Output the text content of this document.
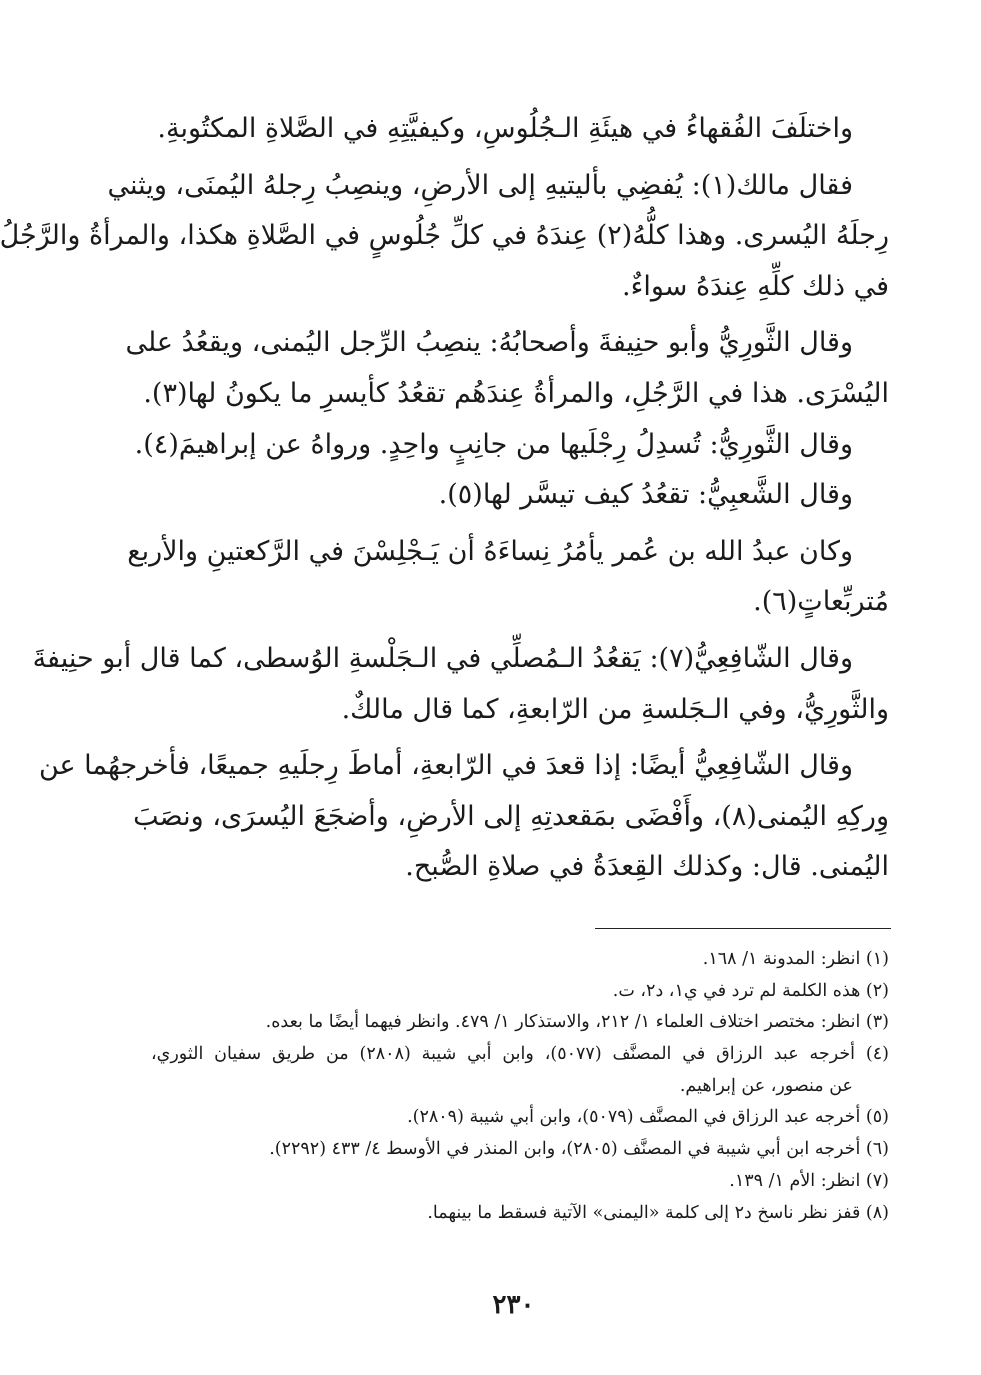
واختلَفَ الفُقهاءُ في هيئَةِ الـجُلُوسِ، وكيفيَّتِهِ في الصَّلاةِ المكتُوبةِ.
فقال مالك(١): يُفضِي بأليتيهِ إلى الأرضِ، وينصِبُ رِجلهُ اليُمنَى، ويثني
رِجلَهُ اليُسرى. وهذا كلُّهُ(٢) عِندَهُ في كلِّ جُلُوسٍ في الصَّلاةِ هكذا، والمرأةُ والرَّجُلُ
في ذلك كلِّهِ عِندَهُ سواءٌ.
وقال الثَّورِيُّ وأبو حنِيفةَ وأصحابُهُ: ينصِبُ الرِّجل اليُمنى، ويقعُدُ على
اليُسْرَى. هذا في الرَّجُلِ، والمرأةُ عِندَهُم تقعُدُ كأيسرِ ما يكونُ لها(٣).
وقال الثَّورِيُّ: تُسدِلُ رِجْلَيها من جانِبٍ واحِدٍ. ورواهُ عن إبراهيمَ(٤).
وقال الشَّعبِيُّ: تقعُدُ كيف تيسَّر لها(٥).
وكان عبدُ الله بن عُمر يأمُرُ نِساءَهُ أن يَـجْلِسْنَ في الرَّكعتينِ والأربع
مُتربِّعاتٍ(٦).
وقال الشّافِعِيُّ(٧): يَقعُدُ الـمُصلِّي في الـجَلْسةِ الوُسطى، كما قال أبو حنِيفةَ
والثَّورِيُّ، وفي الـجَلسةِ من الرّابعةِ، كما قال مالكٌ.
وقال الشّافِعِيُّ أيضًا: إذا قعدَ في الرّابعةِ، أماطَ رِجلَيهِ جميعًا، فأخرجهُما عن
وِركِهِ اليُمنى(٨)، وأَفْضَى بمَقعدتِهِ إلى الأرضِ، وأضجَعَ اليُسرَى، ونصَبَ
اليُمنى. قال: وكذلك القِعدَةُ في صلاةِ الصُّبح.
(١) انظر: المدونة ١/ ١٦٨.
(٢) هذه الكلمة لم ترد في ي١، د٢، ت.
(٣) انظر: مختصر اختلاف العلماء ١/ ٢١٢، والاستذكار ١/ ٤٧٩. وانظر فيهما أيضًا ما بعده.
(٤) أخرجه عبد الرزاق في المصنَّف (٥٠٧٧)، وابن أبي شيبة (٢٨٠٨) من طريق سفيان الثوري،
عن منصور، عن إبراهيم.
(٥) أخرجه عبد الرزاق في المصنَّف (٥٠٧٩)، وابن أبي شيبة (٢٨٠٩).
(٦) أخرجه ابن أبي شيبة في المصنَّف (٢٨٠٥)، وابن المنذر في الأوسط ٤/ ٤٣٣ (٢٢٩٢).
(٧) انظر: الأم ١/ ١٣٩.
(٨) قفز نظر ناسخ د٢ إلى كلمة «اليمنى» الآتية فسقط ما بينهما.
٢٣٠
